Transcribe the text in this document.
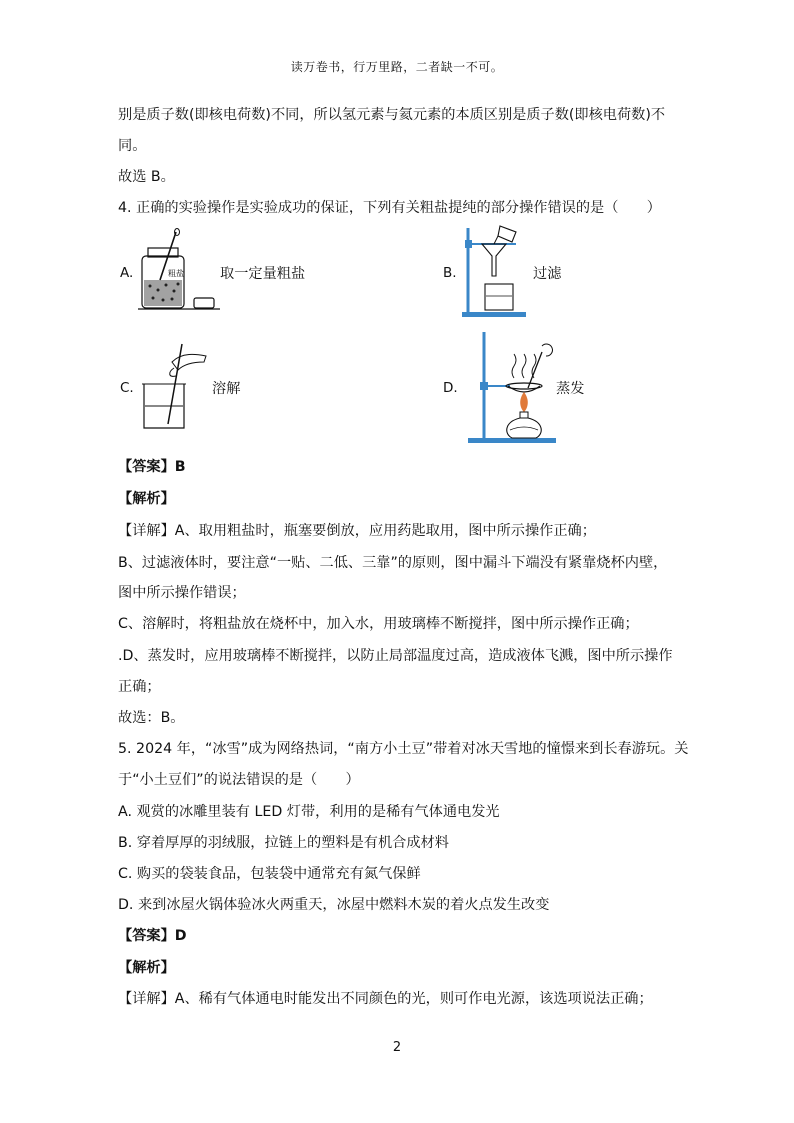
读万卷书，行万里路，二者缺一不可。
别是质子数(即核电荷数)不同，所以氢元素与氦元素的本质区别是质子数(即核电荷数)不
同。
故选 B。
4. 正确的实验操作是实验成功的保证，下列有关粗盐提纯的部分操作错误的是（　　）
A.	粗盐	取一定量粗盐	B.	过滤
C.	溶解	D.	蒸发
【答案】B
【解析】
【详解】A、取用粗盐时，瓶塞要倒放，应用药匙取用，图中所示操作正确；
B、过滤液体时，要注意“一贴、二低、三靠”的原则，图中漏斗下端没有紧靠烧杯内壁，
图中所示操作错误；
C、溶解时，将粗盐放在烧杯中，加入水，用玻璃棒不断搅拌，图中所示操作正确；
.D、蒸发时，应用玻璃棒不断搅拌，以防止局部温度过高，造成液体飞溅，图中所示操作
正确；
故选：B。
5. 2024 年，“冰雪”成为网络热词，“南方小土豆”带着对冰天雪地的憧憬来到长春游玩。关
于“小土豆们”的说法错误的是（　　）
A. 观赏的冰雕里装有 LED 灯带，利用的是稀有气体通电发光
B. 穿着厚厚的羽绒服，拉链上的塑料是有机合成材料
C. 购买的袋装食品，包装袋中通常充有氮气保鲜
D. 来到冰屋火锅体验冰火两重天，冰屋中燃料木炭的着火点发生改变
【答案】D
【解析】
【详解】A、稀有气体通电时能发出不同颜色的光，则可作电光源，该选项说法正确；
2
